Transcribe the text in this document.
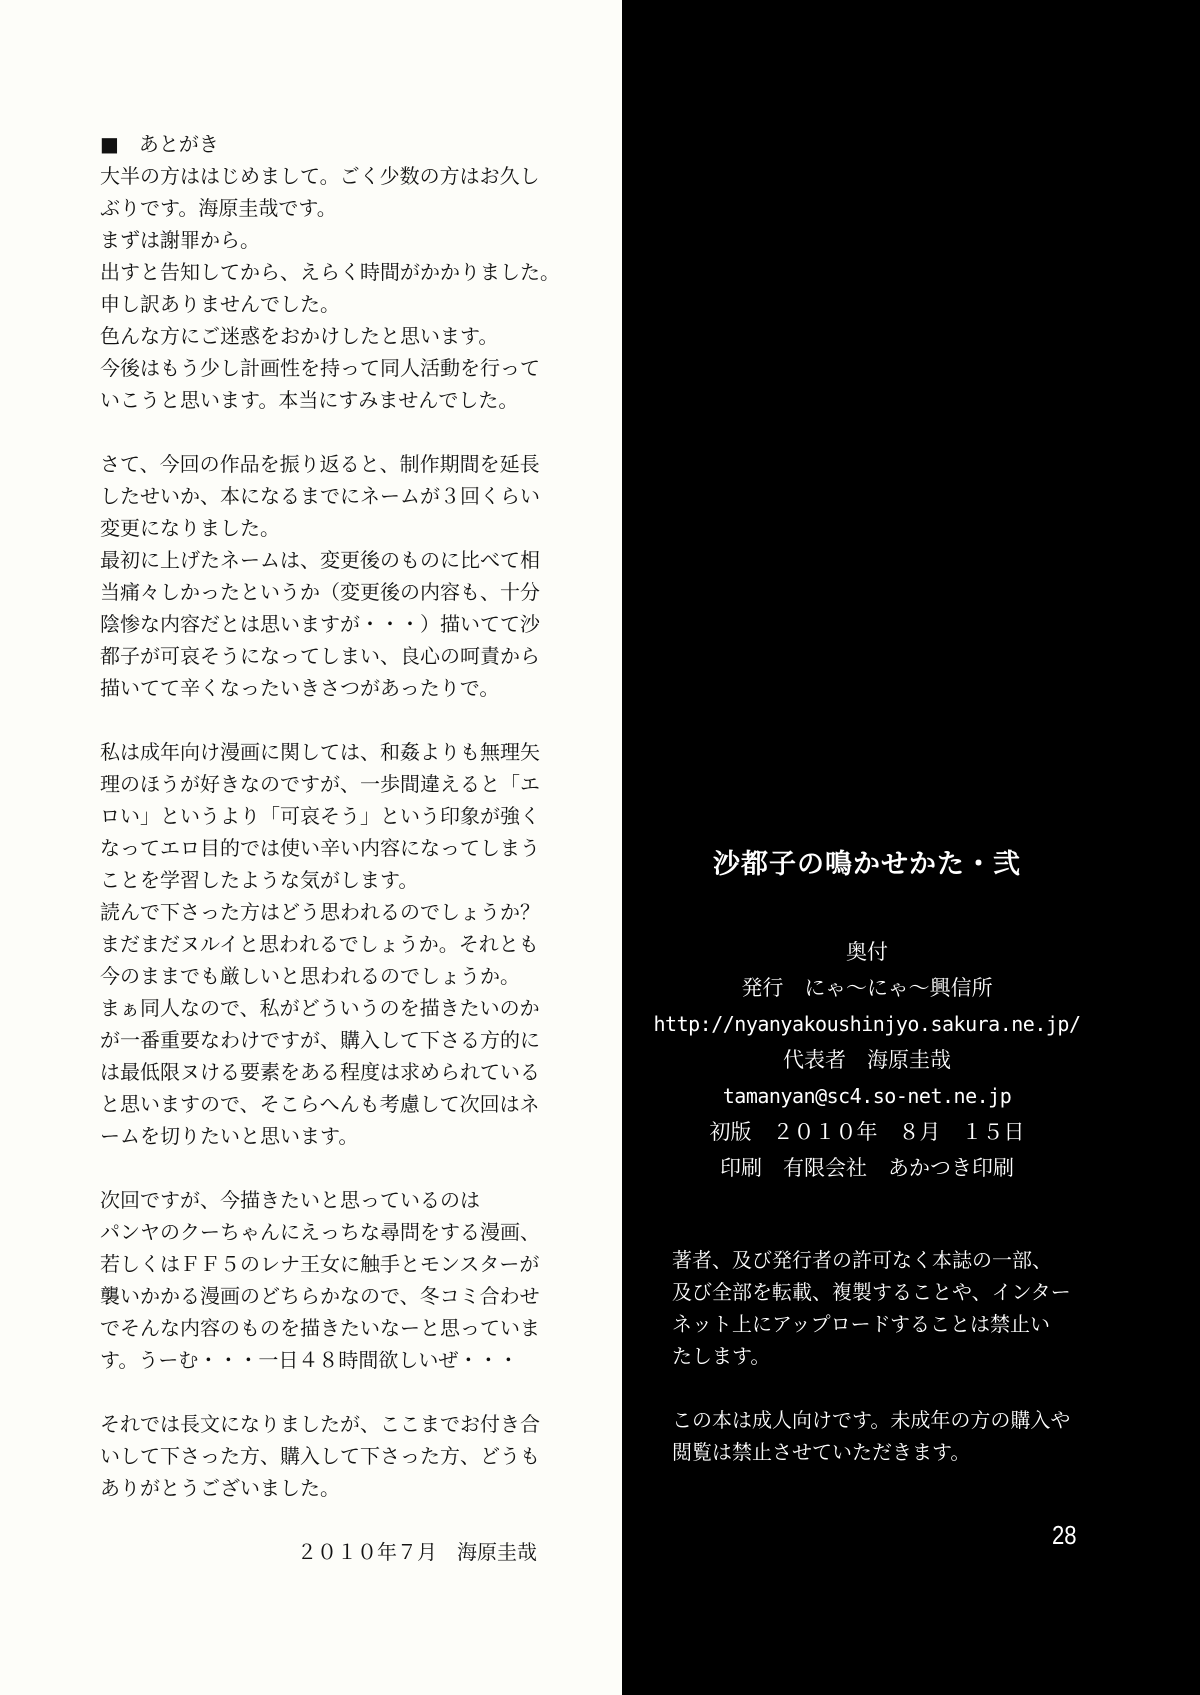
■　あとがき
大半の方ははじめまして。ごく少数の方はお久し
ぶりです。海原圭哉です。
まずは謝罪から。
出すと告知してから、えらく時間がかかりました。
申し訳ありませんでした。
色んな方にご迷惑をおかけしたと思います。
今後はもう少し計画性を持って同人活動を行って
いこうと思います。本当にすみませんでした。
さて、今回の作品を振り返ると、制作期間を延長
したせいか、本になるまでにネームが３回くらい
変更になりました。
最初に上げたネームは、変更後のものに比べて相
当痛々しかったというか（変更後の内容も、十分
陰惨な内容だとは思いますが・・・）描いてて沙
都子が可哀そうになってしまい、良心の呵責から
描いてて辛くなったいきさつがあったりで。
私は成年向け漫画に関しては、和姦よりも無理矢
理のほうが好きなのですが、一歩間違えると「エ
ロい」というより「可哀そう」という印象が強く
なってエロ目的では使い辛い内容になってしまう
ことを学習したような気がします。
読んで下さった方はどう思われるのでしょうか？
まだまだヌルイと思われるでしょうか。それとも
今のままでも厳しいと思われるのでしょうか。
まぁ同人なので、私がどういうのを描きたいのか
が一番重要なわけですが、購入して下さる方的に
は最低限ヌける要素をある程度は求められている
と思いますので、そこらへんも考慮して次回はネ
ームを切りたいと思います。
次回ですが、今描きたいと思っているのは
パンヤのクーちゃんにえっちな尋問をする漫画、
若しくはＦＦ５のレナ王女に触手とモンスターが
襲いかかる漫画のどちらかなので、冬コミ合わせ
でそんな内容のものを描きたいなーと思っていま
す。うーむ・・・一日４８時間欲しいぜ・・・
それでは長文になりましたが、ここまでお付き合
いして下さった方、購入して下さった方、どうも
ありがとうございました。
２０１０年７月　海原圭哉
沙都子の鳴かせかた・弐
奥付
発行　にゃ～にゃ～興信所
http://nyanyakoushinjyo.sakura.ne.jp/
代表者　海原圭哉
tamanyan@sc4.so-net.ne.jp
初版　２０１０年　８月　１５日
印刷　有限会社　あかつき印刷
著者、及び発行者の許可なく本誌の一部、
及び全部を転載、複製することや、インター
ネット上にアップロードすることは禁止い
たします。
この本は成人向けです。未成年の方の購入や
閲覧は禁止させていただきます。
28
